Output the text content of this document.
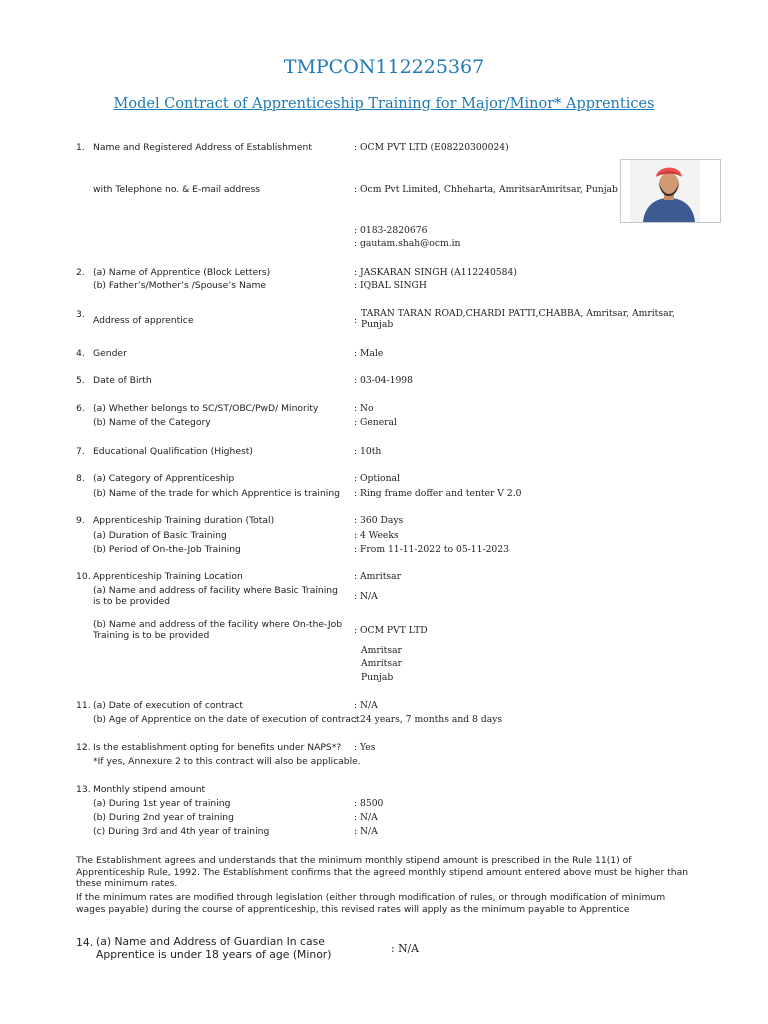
TMPCON112225367
Model Contract of Apprenticeship Training for Major/Minor* Apprentices
1. Name and Registered Address of Establishment	: OCM PVT LTD (E08220300024)
with Telephone no. & E-mail address	: Ocm Pvt Limited, Chheharta, AmritsarAmritsar, Punjab
: 0183-2820676
: gautam.shah@ocm.in
2. (a) Name of Apprentice (Block Letters)	: JASKARAN SINGH (A112240584)
(b) Father’s/Mother’s /Spouse’s Name	: IQBAL SINGH
3.
Address of apprentice	:
TARAN TARAN ROAD,CHARDI PATTI,CHABBA, Amritsar, Amritsar, Punjab
4. Gender	: Male
5. Date of Birth	: 03-04-1998
6. (a) Whether belongs to SC/ST/OBC/PwD/ Minority	: No
(b) Name of the Category	: General
7. Educational Qualification (Highest)	: 10th
8. (a) Category of Apprenticeship	: Optional
(b) Name of the trade for which Apprentice is training : Ring frame doffer and tenter V 2.0
9. Apprenticeship Training duration (Total)	: 360 Days
(a) Duration of Basic Training	: 4 Weeks
(b) Period of On-the-Job Training	: From 11-11-2022 to 05-11-2023
10. Apprenticeship Training Location	: Amritsar
(a) Name and address of facility where Basic Training is to be provided	: N/A
(b) Name and address of the facility where On-the-Job Training is to be provided	: OCM PVT LTD
Amritsar
Amritsar
Punjab
11. (a) Date of execution of contract	: N/A
(b) Age of Apprentice on the date of execution of contract
: 24 years, 7 months and 8 days
12. Is the establishment opting for benefits under NAPS*? : Yes
*If yes, Annexure 2 to this contract will also be applicable.
13. Monthly stipend amount
(a) During 1st year of training	: 8500
(b) During 2nd year of training	: N/A
(c) During 3rd and 4th year of training	: N/A
The Establishment agrees and understands that the minimum monthly stipend amount is prescribed in the Rule 11(1) of Apprenticeship Rule, 1992. The Establishment confirms that the agreed monthly stipend amount entered above must be higher than these minimum rates.
If the minimum rates are modified through legislation (either through modification of rules, or through modification of minimum wages payable) during the course of apprenticeship, this revised rates will apply as the minimum payable to Apprentice
14. (a) Name and Address of Guardian In case Apprentice is under 18 years of age (Minor)	: N/A
